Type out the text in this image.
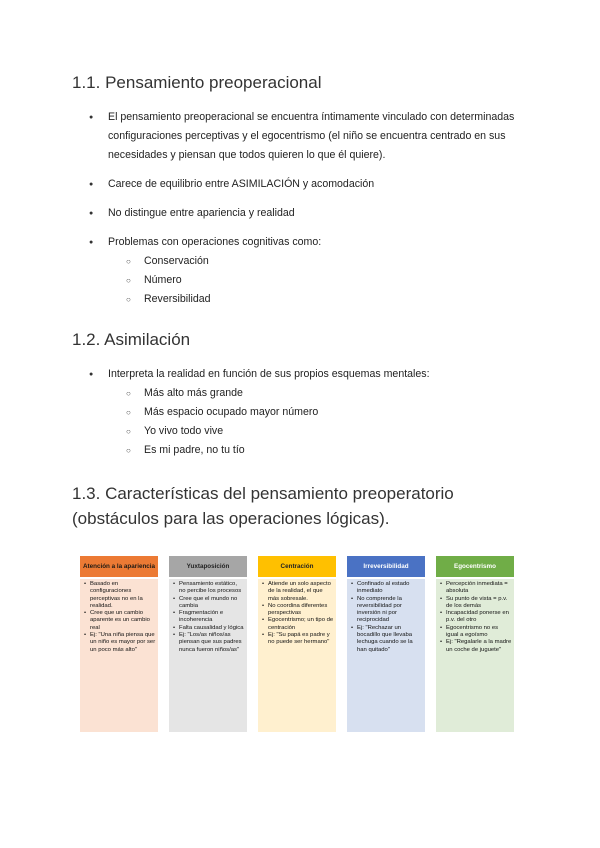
1.1. Pensamiento preoperacional
● El pensamiento preoperacional se encuentra íntimamente vinculado con determinadas configuraciones perceptivas y el egocentrismo (el niño se encuentra centrado en sus necesidades y piensan que todos quieren lo que él quiere).
● Carece de equilibrio entre ASIMILACIÓN y acomodación
● No distingue entre apariencia y realidad
● Problemas con operaciones cognitivas como:
○ Conservación
○ Número
○ Reversibilidad
1.2. Asimilación
● Interpreta la realidad en función de sus propios esquemas mentales:
○ Más alto más grande
○ Más espacio ocupado mayor número
○ Yo vivo todo vive
○ Es mi padre, no tu tío
1.3. Características del pensamiento preoperatorio (obstáculos para las operaciones lógicas).
Atención a la apariencia
• Basado en configuraciones perceptivas no en la realidad.
• Cree que un cambio aparente es un cambio real
• Ej: "Una niña piensa que un niño es mayor por ser un poco más alto"
Yuxtaposición
• Pensamiento estático, no percibe los procesos
• Cree que el mundo no cambia
• Fragmentación e incoherencia
• Falta causalidad y lógica
• Ej: "Los/as niños/as piensan que sus padres nunca fueron niños/as"
Centración
• Atiende un solo aspecto de la realidad, el que más sobresale.
• No coordina diferentes perspectivas
• Egocentrismo; un tipo de centración
• Ej: "Su papá es padre y no puede ser hermano"
Irreversibilidad
• Confinado al estado inmediato
• No comprende la reversibilidad por inversión ni por reciprocidad
• Ej: "Rechazar un bocadillo que llevaba lechuga cuando se la han quitado"
Egocentrismo
• Percepción inmediata = absoluta
• Su punto de vista = p.v. de los demás
• Incapacidad ponerse en p.v. del otro
• Egocentrismo no es igual a egoísmo
• Ej: "Regalarle a la madre un coche de juguete"
